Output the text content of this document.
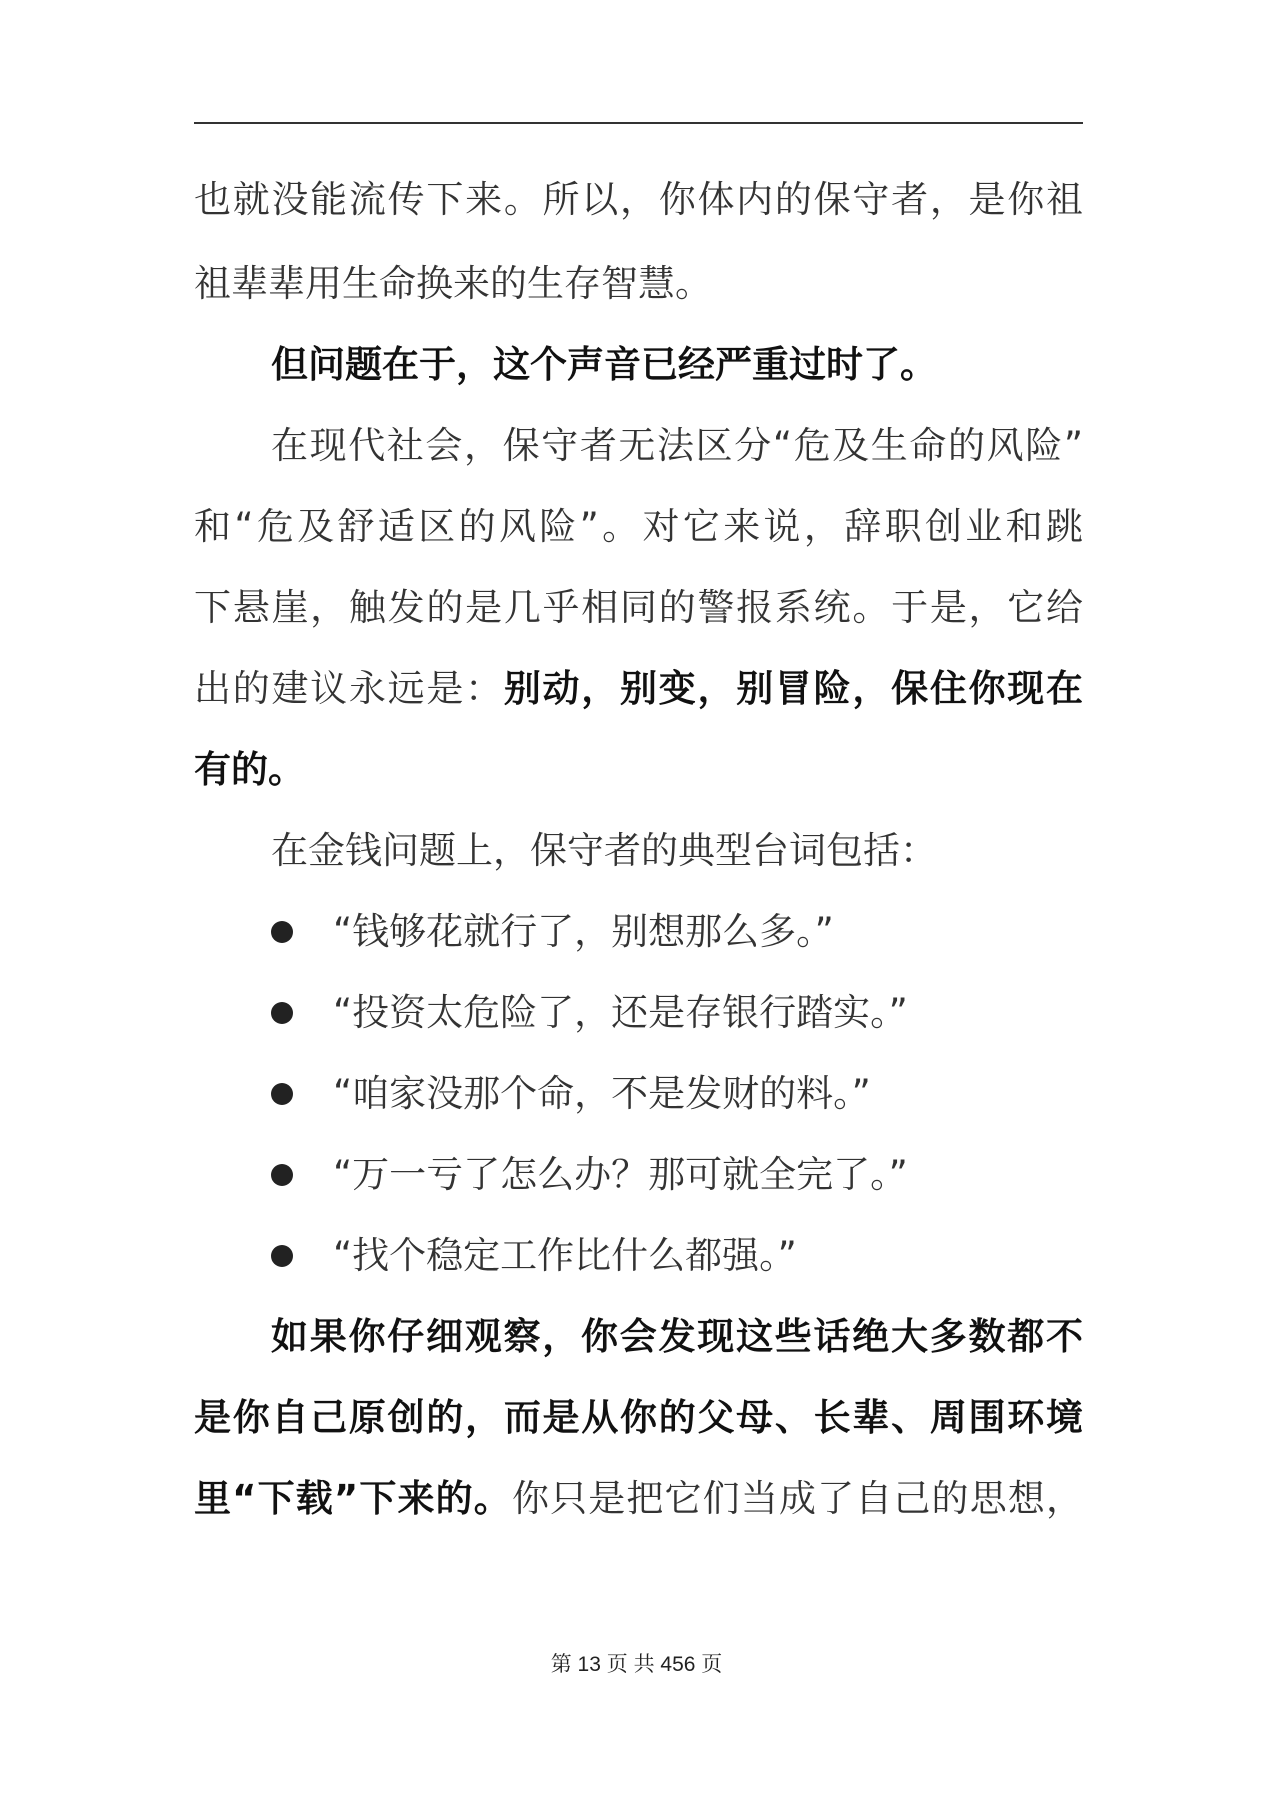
也就没能流传下来。所以，你体内的保守者，是你祖
祖辈辈用生命换来的生存智慧。
但问题在于，这个声音已经严重过时了。
在现代社会，保守者无法区分“危及生命的风险”
和“危及舒适区的风险”。对它来说，辞职创业和跳
下悬崖，触发的是几乎相同的警报系统。于是，它给
出的建议永远是：别动，别变，别冒险，保住你现在
有的。
在金钱问题上，保守者的典型台词包括：
“钱够花就行了，别想那么多。”
“投资太危险了，还是存银行踏实。”
“咱家没那个命，不是发财的料。”
“万一亏了怎么办？那可就全完了。”
“找个稳定工作比什么都强。”
如果你仔细观察，你会发现这些话绝大多数都不
是你自己原创的，而是从你的父母、长辈、周围环境
里“下载”下来的。你只是把它们当成了自己的思想，
第 13 页 共 456 页
